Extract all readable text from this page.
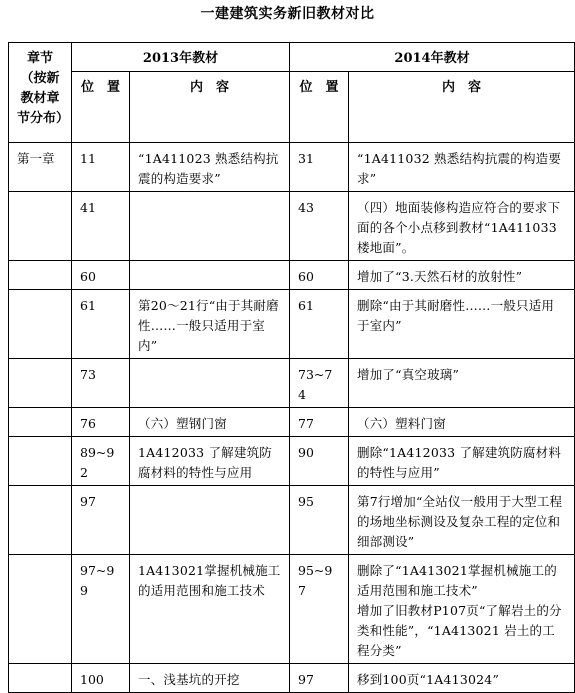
一建建筑实务新旧教材对比
章节（按新教材章节分布）	2013年教材		2014年教材	
	位　置	内　容	位　置	内　容
第一章	11	“1A411023 熟悉结构抗震的构造要求”	31	“1A411032 熟悉结构抗震的构造要求”
	41		43	（四）地面装修构造应符合的要求下面的各个小点移到教材“1A411033楼地面”。
	60		60	增加了“3.天然石材的放射性”
	61	第20～21行“由于其耐磨性……一般只适用于室内”	61	删除“由于其耐磨性……一般只适用于室内”
	73		73~74	增加了“真空玻璃”
	76	（六）塑钢门窗	77	（六）塑料门窗
	89~92	1A412033 了解建筑防腐材料的特性与应用	90	删除“1A412033 了解建筑防腐材料的特性与应用”
	97		95	第7行增加“全站仪一般用于大型工程的场地坐标测设及复杂工程的定位和细部测设”
	97~99	1A413021掌握机械施工的适用范围和施工技术	95~97	删除了“1A413021掌握机械施工的适用范围和施工技术”
增加了旧教材P107页“了解岩土的分类和性能”，“1A413021 岩土的工程分类”

	100	一、浅基坑的开挖	97	移到100页“1A413024”
